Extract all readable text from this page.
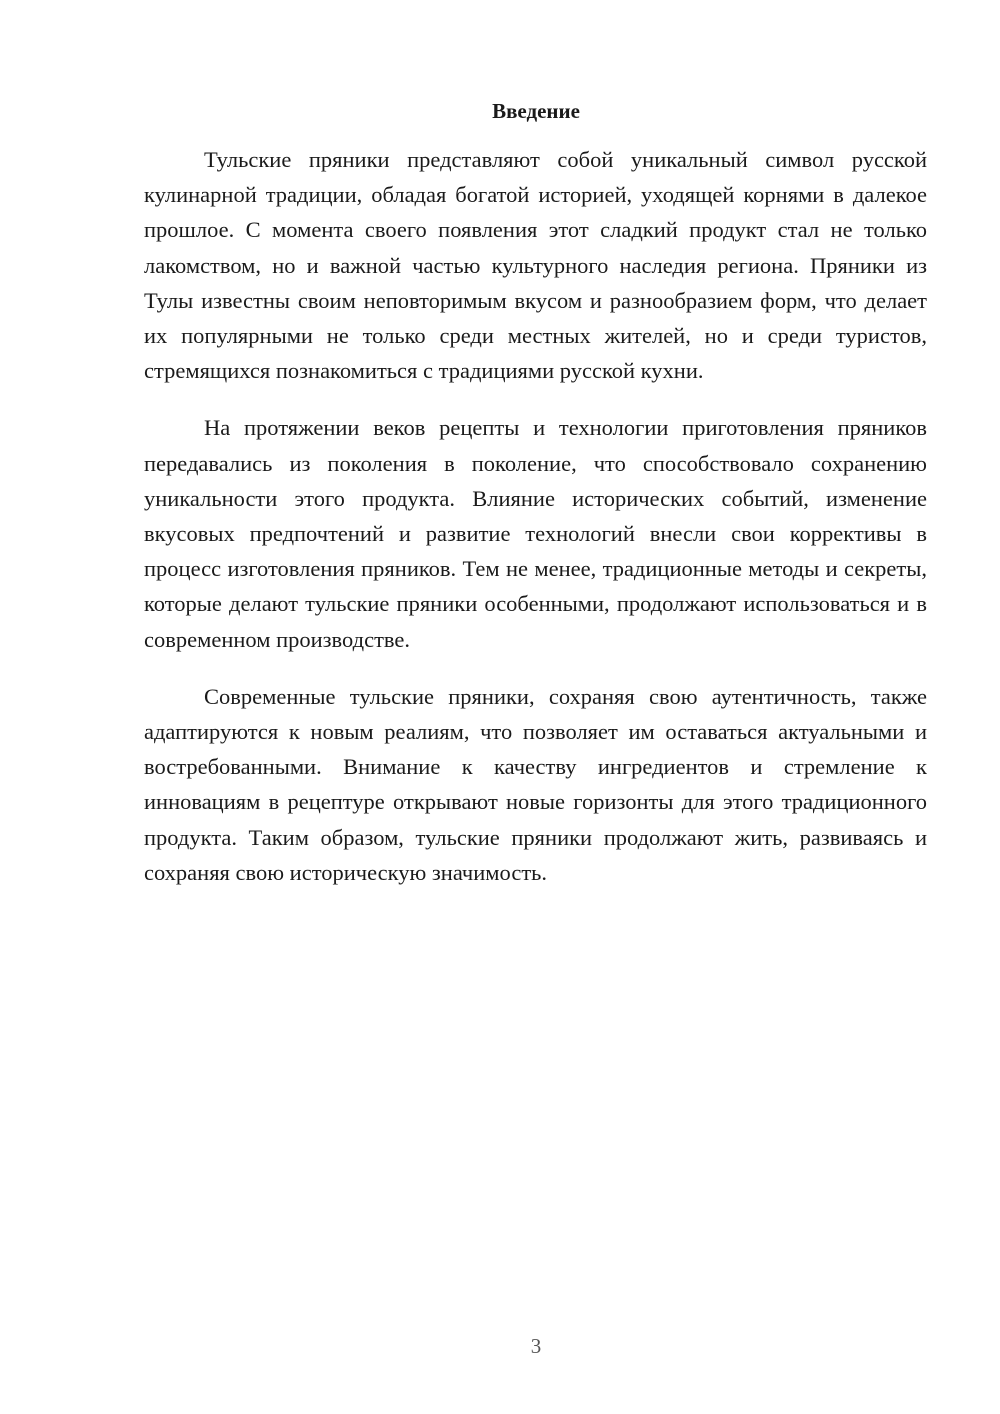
Введение

Тульские пряники представляют собой уникальный символ русской кулинарной традиции, обладая богатой историей, уходящей корнями в далекое прошлое. С момента своего появления этот сладкий продукт стал не только лакомством, но и важной частью культурного наследия региона. Пряники из Тулы известны своим неповторимым вкусом и разнообразием форм, что делает их популярными не только среди местных жителей, но и среди туристов, стремящихся познакомиться с традициями русской кухни.

На протяжении веков рецепты и технологии приготовления пряников передавались из поколения в поколение, что способствовало сохранению уникальности этого продукта. Влияние исторических событий, изменение вкусовых предпочтений и развитие технологий внесли свои коррективы в процесс изготовления пряников. Тем не менее, традиционные методы и секреты, которые делают тульские пряники особенными, продолжают использоваться и в современном производстве.

Современные тульские пряники, сохраняя свою аутентичность, также адаптируются к новым реалиям, что позволяет им оставаться актуальными и востребованными. Внимание к качеству ингредиентов и стремление к инновациям в рецептуре открывают новые горизонты для этого традиционного продукта. Таким образом, тульские пряники продолжают жить, развиваясь и сохраняя свою историческую значимость.

3
